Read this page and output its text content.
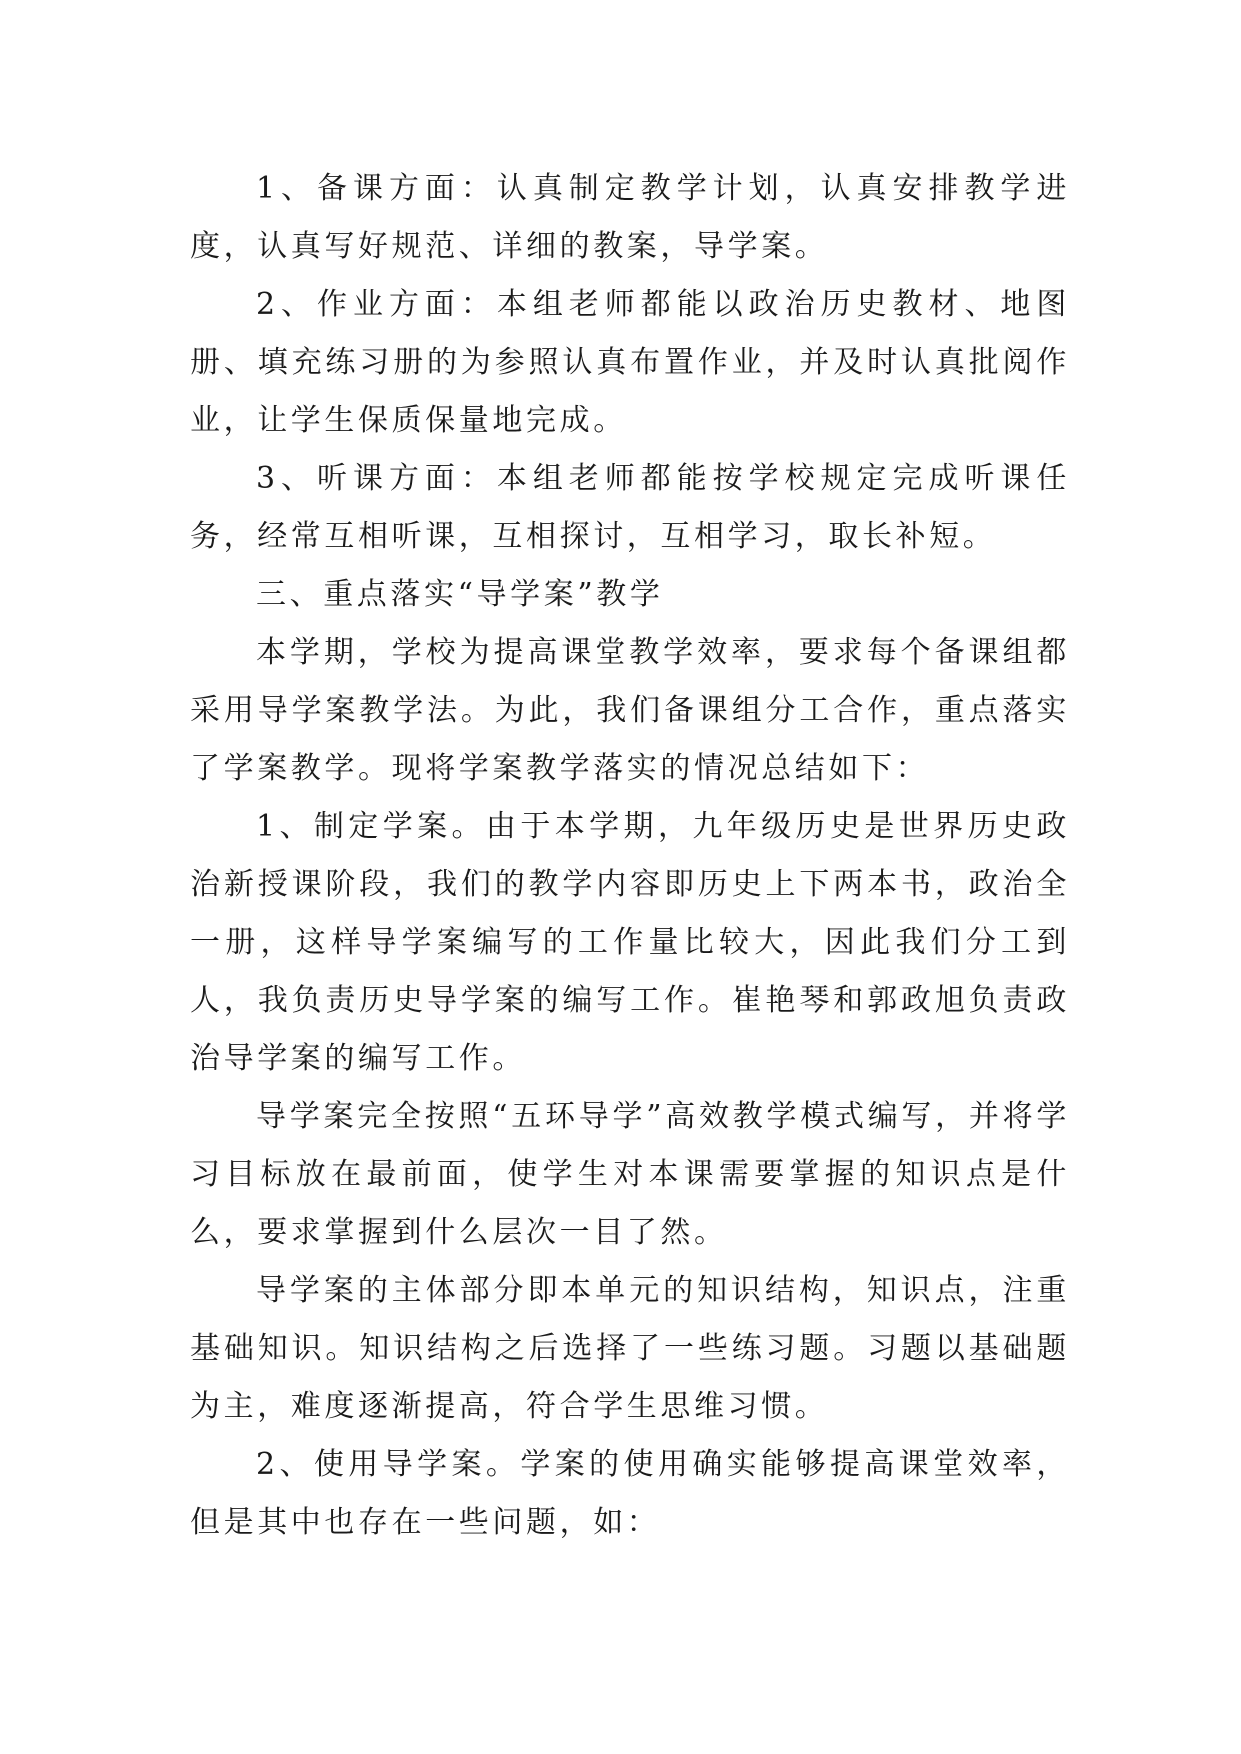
1、备课方面：认真制定教学计划，认真安排教学进度，认真写好规范、详细的教案，导学案。

2、作业方面：本组老师都能以政治历史教材、地图册、填充练习册的为参照认真布置作业，并及时认真批阅作业，让学生保质保量地完成。

3、听课方面：本组老师都能按学校规定完成听课任务，经常互相听课，互相探讨，互相学习，取长补短。

三、重点落实“导学案”教学

本学期，学校为提高课堂教学效率，要求每个备课组都采用导学案教学法。为此，我们备课组分工合作，重点落实了学案教学。现将学案教学落实的情况总结如下：

1、制定学案。由于本学期，九年级历史是世界历史政治新授课阶段，我们的教学内容即历史上下两本书，政治全一册，这样导学案编写的工作量比较大，因此我们分工到人，我负责历史导学案的编写工作。崔艳琴和郭政旭负责政治导学案的编写工作。

导学案完全按照“五环导学”高效教学模式编写，并将学习目标放在最前面，使学生对本课需要掌握的知识点是什么，要求掌握到什么层次一目了然。

导学案的主体部分即本单元的知识结构，知识点，注重基础知识。知识结构之后选择了一些练习题。习题以基础题为主，难度逐渐提高，符合学生思维习惯。

2、使用导学案。学案的使用确实能够提高课堂效率，但是其中也存在一些问题，如：
